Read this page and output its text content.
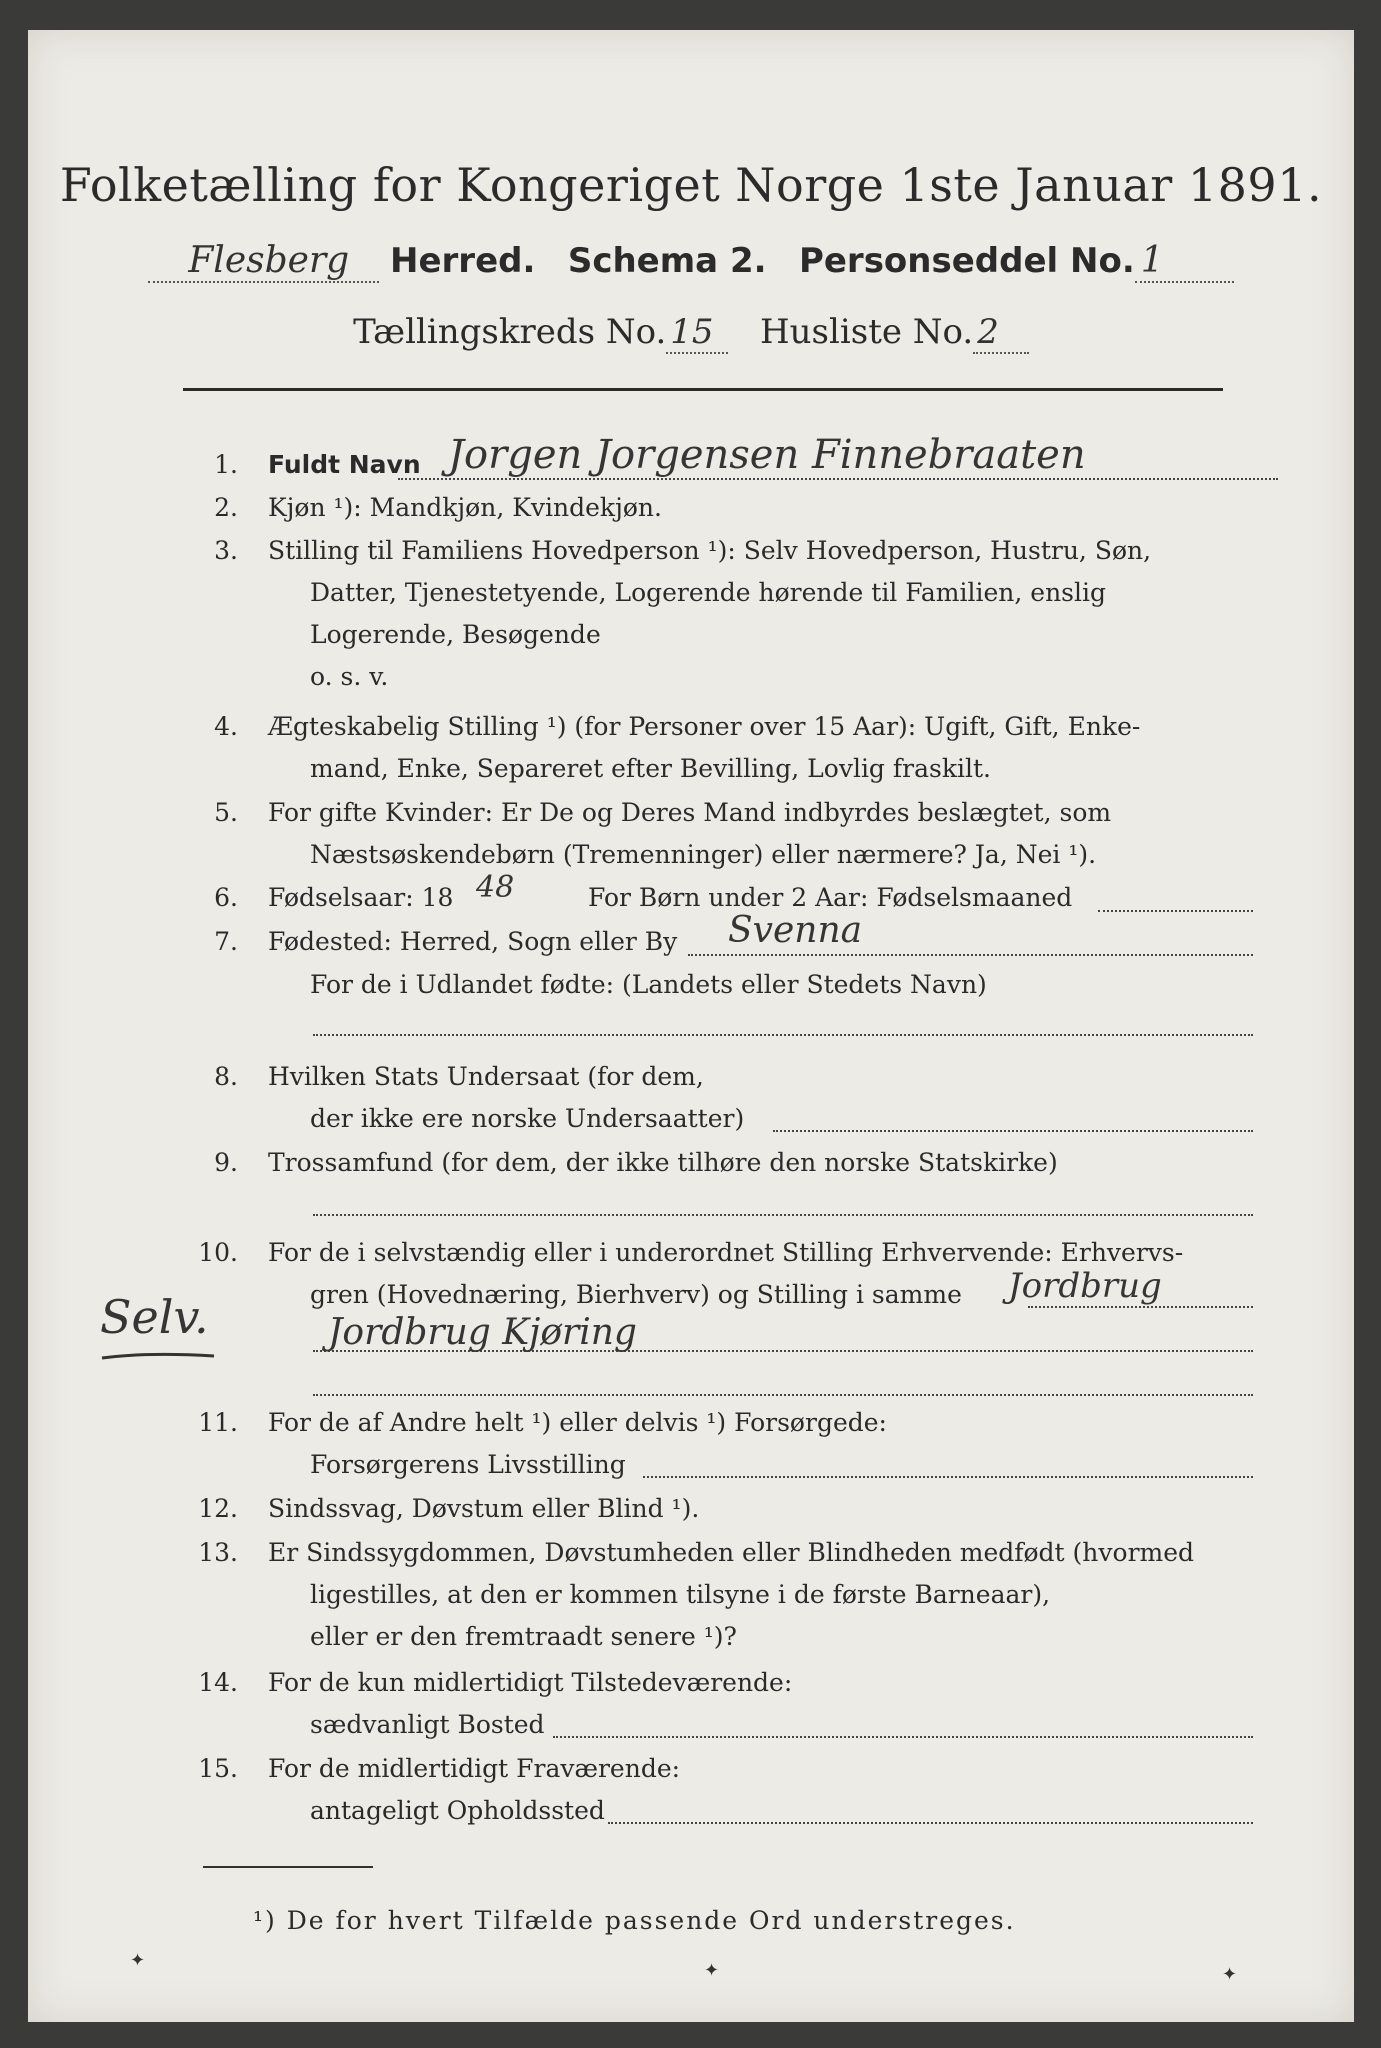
Folketælling for Kongeriget Norge 1ste Januar 1891.
Flesberg Herred. Schema 2. Personseddel No. 1
Tællingskreds No. 15 Husliste No. 2
1. Fuldt Navn Jorgen Jorgensen Finnebraaten
2. Kjøn ¹): Mandkjøn, Kvindekjøn.
3. Stilling til Familiens Hovedperson ¹): Selv Hovedperson, Hustru, Søn,
Datter, Tjenestetyende, Logerende hørende til Familien, enslig
Logerende, Besøgende
o. s. v.
4. Ægteskabelig Stilling ¹) (for Personer over 15 Aar): Ugift, Gift, Enke-
mand, Enke, Separeret efter Bevilling, Lovlig fraskilt.
5. For gifte Kvinder: Er De og Deres Mand indbyrdes beslægtet, som
Næstsøskendebørn (Tremenninger) eller nærmere? Ja, Nei ¹).
6. Fødselsaar: 18 48	For Børn under 2 Aar: Fødselsmaaned
7. Fødested: Herred, Sogn eller By Svenna
For de i Udlandet fødte: (Landets eller Stedets Navn)
8. Hvilken Stats Undersaat (for dem,
der ikke ere norske Undersaatter)
9. Trossamfund (for dem, der ikke tilhøre den norske Statskirke)
10. For de i selvstændig eller i underordnet Stilling Erhvervende: Erhvervs-
gren (Hovednæring, Bierhverv) og Stilling i samme
Jordbrug Kjøring
Jordbrug
Selv.
11. For de af Andre helt ¹) eller delvis ¹) Forsørgede:
Forsørgerens Livsstilling
12. Sindssvag, Døvstum eller Blind ¹).
13. Er Sindssygdommen, Døvstumheden eller Blindheden medfødt (hvormed
ligestilles, at den er kommen tilsyne i de første Barneaar),
eller er den fremtraadt senere ¹)?
14. For de kun midlertidigt Tilstedeværende:
sædvanligt Bosted
15. For de midlertidigt Fraværende:
antageligt Opholdssted
¹) De for hvert Tilfælde passende Ord understreges.
✦	✦	✦
